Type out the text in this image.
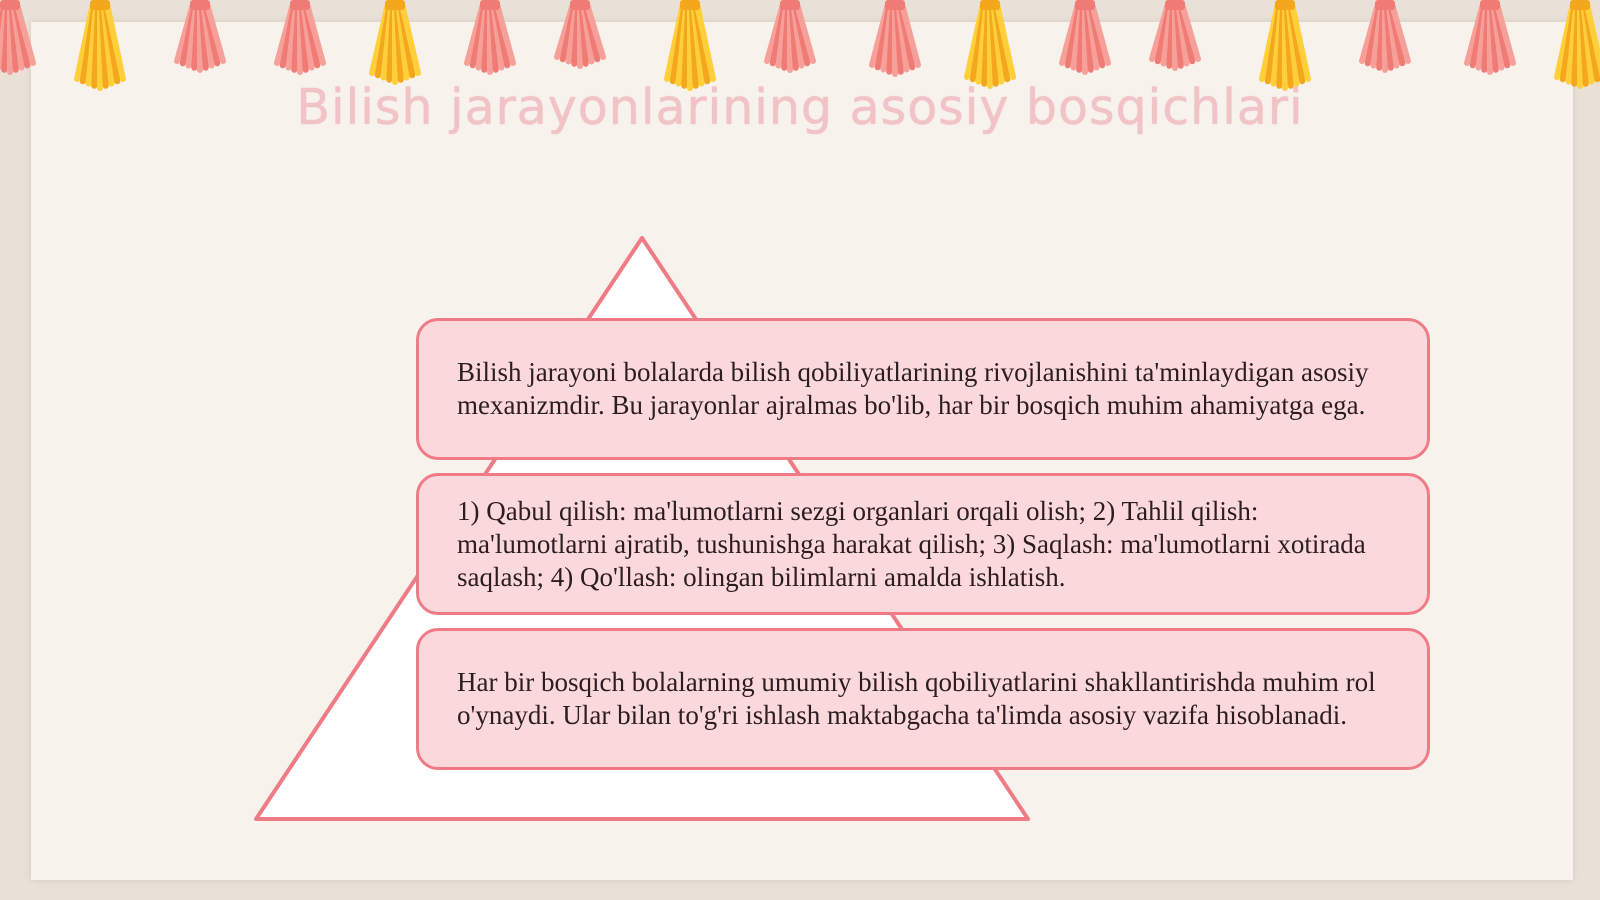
Bilish jarayonlarining asosiy bosqichlari

Bilish jarayoni bolalarda bilish qobiliyatlarining rivojlanishini ta'minlaydigan asosiy mexanizmdir. Bu jarayonlar ajralmas bo'lib, har bir bosqich muhim ahamiyatga ega.

1) Qabul qilish: ma'lumotlarni sezgi organlari orqali olish; 2) Tahlil qilish: ma'lumotlarni ajratib, tushunishga harakat qilish; 3) Saqlash: ma'lumotlarni xotirada saqlash; 4) Qo'llash: olingan bilimlarni amalda ishlatish.

Har bir bosqich bolalarning umumiy bilish qobiliyatlarini shakllantirishda muhim rol o'ynaydi. Ular bilan to'g'ri ishlash maktabgacha ta'limda asosiy vazifa hisoblanadi.
